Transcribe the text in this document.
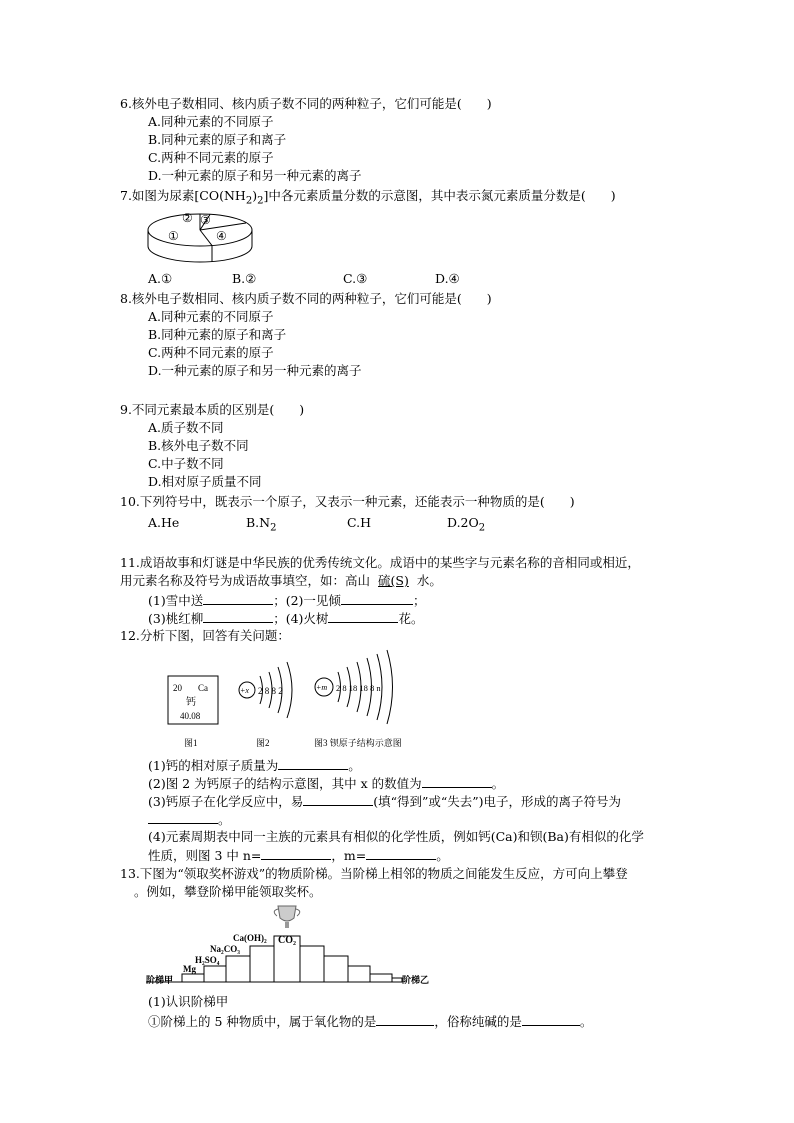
6.核外电子数相同、核内质子数不同的两种粒子，它们可能是(　　)
A.同种元素的不同原子
B.同种元素的原子和离子
C.两种不同元素的原子
D.一种元素的原子和另一种元素的离子
7.如图为尿素$[CO(NH_2)_2]$中各元素质量分数的示意图，其中表示氮元素质量分数是(　　)
①
② ③
④
A.①	B.②	C.③	D.④
8.核外电子数相同、核内质子数不同的两种粒子，它们可能是(　　)
A.同种元素的不同原子
B.同种元素的原子和离子
C.两种不同元素的原子
D.一种元素的原子和另一种元素的离子
9.不同元素最本质的区别是(　　)
A.质子数不同
B.核外电子数不同
C.中子数不同
D.相对原子质量不同
10.下列符号中，既表示一个原子，又表示一种元素，还能表示一种物质的是(　　)
A.He	$B.N_2$	C.H	$D.2O_2$
11.成语故事和灯谜是中华民族的优秀传统文化。成语中的某些字与元素名称的音相同或相近，
用元素名称及符号为成语故事填空，如：高山 硫(S) 水。
(1)雪中送	；(2)一见倾	；
(3)桃红柳	；(4)火树	花。
12.分析下图，回答有关问题：
20 Ca
钙
40.08
+x 2 8 8 2	+m 2 8 18 18 8 n
图1	图2	图3 钡原子结构示意图
(1)钙的相对原子质量为	。
(2)图 2 为钙原子的结构示意图，其中 x 的数值为	。
(3)钙原子在化学反应中，易	(填“得到”或“失去”)电子，形成的离子符号为
。
(4)元素周期表中同一主族的元素具有相似的化学性质，例如钙(Ca)和钡(Ba)有相似的化学
性质，则图 3 中 n=	，m=	。
13.下图为“领取奖杯游戏”的物质阶梯。当阶梯上相邻的物质之间能发生反应，方可向上攀登
。例如，攀登阶梯甲能领取奖杯。
阶梯甲	阶梯乙
Mg
H₂SO₄
Na₂CO₃
Ca(OH)₂ CO₂
(1)认识阶梯甲
①阶梯上的 5 种物质中，属于氧化物的是	，俗称纯碱的是	。
